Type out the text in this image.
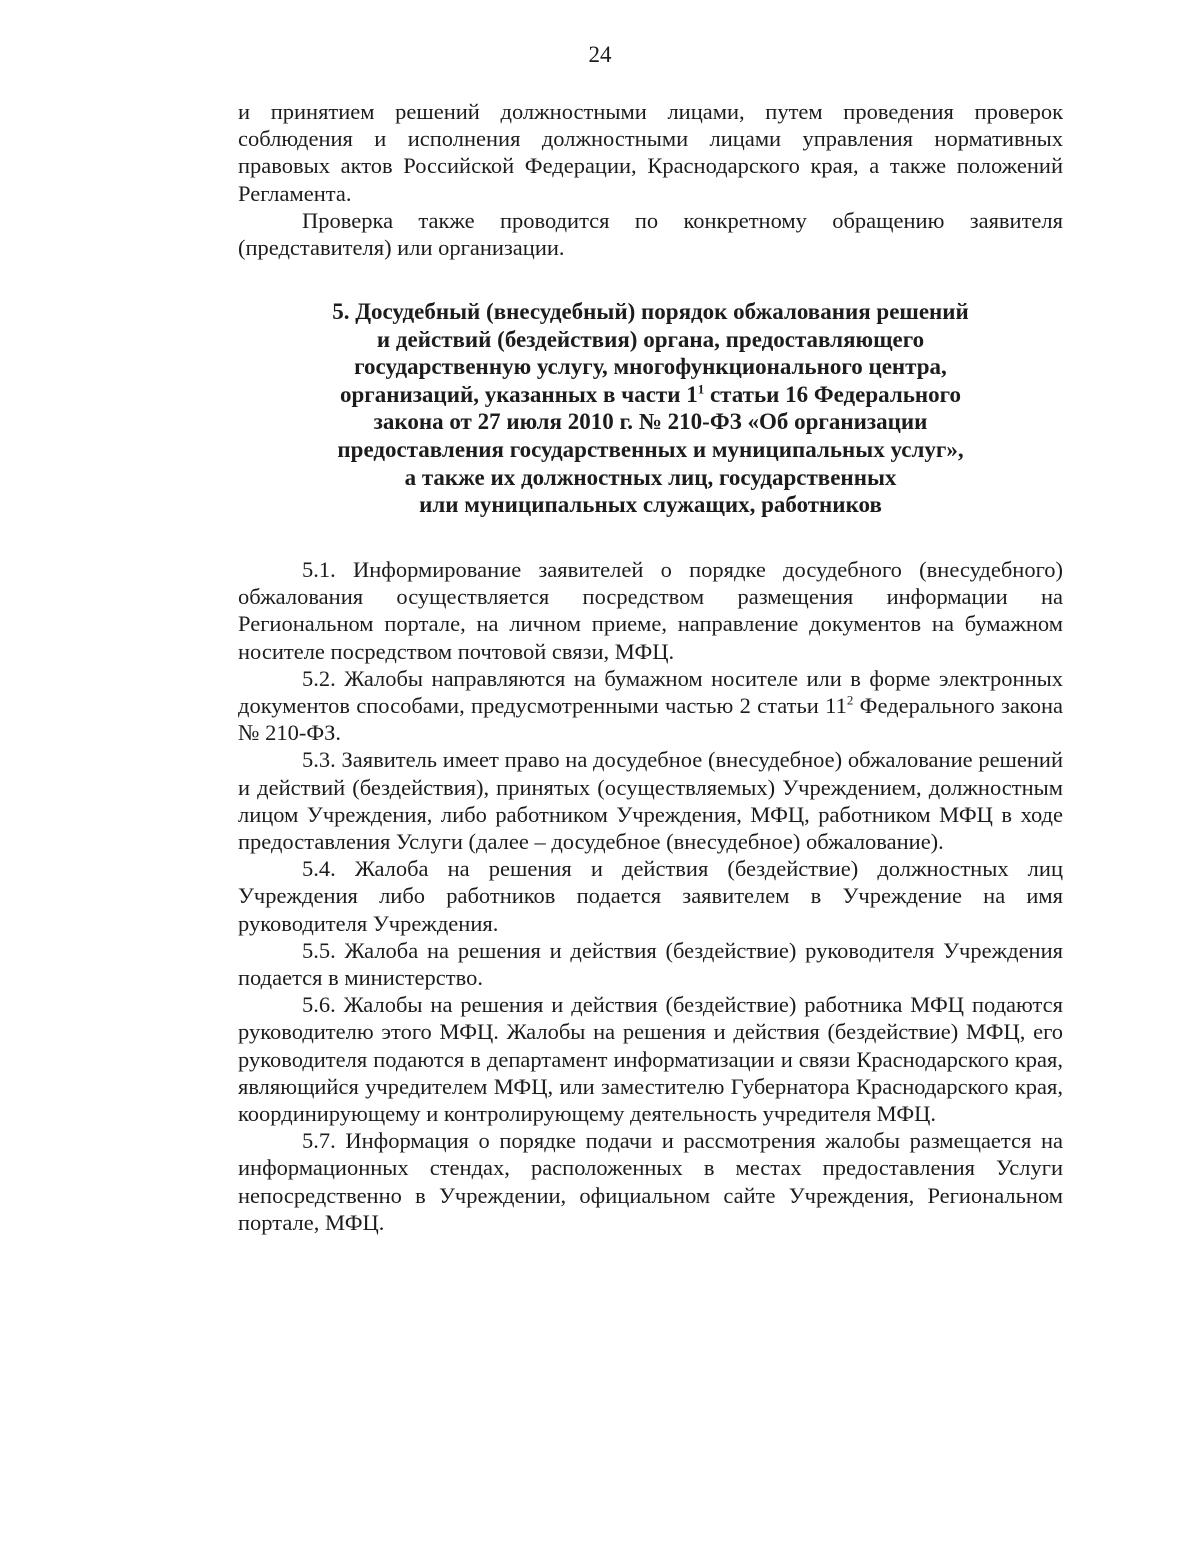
24

и принятием решений должностными лицами, путем проведения проверок соблюдения и исполнения должностными лицами управления нормативных правовых актов Российской Федерации, Краснодарского края, а также положений Регламента.

Проверка также проводится по конкретному обращению заявителя (представителя) или организации.

5. Досудебный (внесудебный) порядок обжалования решений
и действий (бездействия) органа, предоставляющего
государственную услугу, многофункционального центра,
организаций, указанных в части $1^1$ статьи 16 Федерального
закона от 27 июля 2010 г. № 210-ФЗ «Об организации
предоставления государственных и муниципальных услуг»,
а также их должностных лиц, государственных
или муниципальных служащих, работников

5.1. Информирование заявителей о порядке досудебного (внесудебного) обжалования осуществляется посредством размещения информации на Региональном портале, на личном приеме, направление документов на бумажном носителе посредством почтовой связи, МФЦ.

5.2. Жалобы направляются на бумажном носителе или в форме электронных документов способами, предусмотренными частью 2 статьи $11^2$ Федерального закона № 210-ФЗ.

5.3. Заявитель имеет право на досудебное (внесудебное) обжалование решений и действий (бездействия), принятых (осуществляемых) Учреждением, должностным лицом Учреждения, либо работником Учреждения, МФЦ, работником МФЦ в ходе предоставления Услуги (далее – досудебное (внесудебное) обжалование).

5.4. Жалоба на решения и действия (бездействие) должностных лиц Учреждения либо работников подается заявителем в Учреждение на имя руководителя Учреждения.

5.5. Жалоба на решения и действия (бездействие) руководителя Учреждения подается в министерство.

5.6. Жалобы на решения и действия (бездействие) работника МФЦ подаются руководителю этого МФЦ. Жалобы на решения и действия (бездействие) МФЦ, его руководителя подаются в департамент информатизации и связи Краснодарского края, являющийся учредителем МФЦ, или заместителю Губернатора Краснодарского края, координирующему и контролирующему деятельность учредителя МФЦ.

5.7. Информация о порядке подачи и рассмотрения жалобы размещается на информационных стендах, расположенных в местах предоставления Услуги непосредственно в Учреждении, официальном сайте Учреждения, Региональном портале, МФЦ.
